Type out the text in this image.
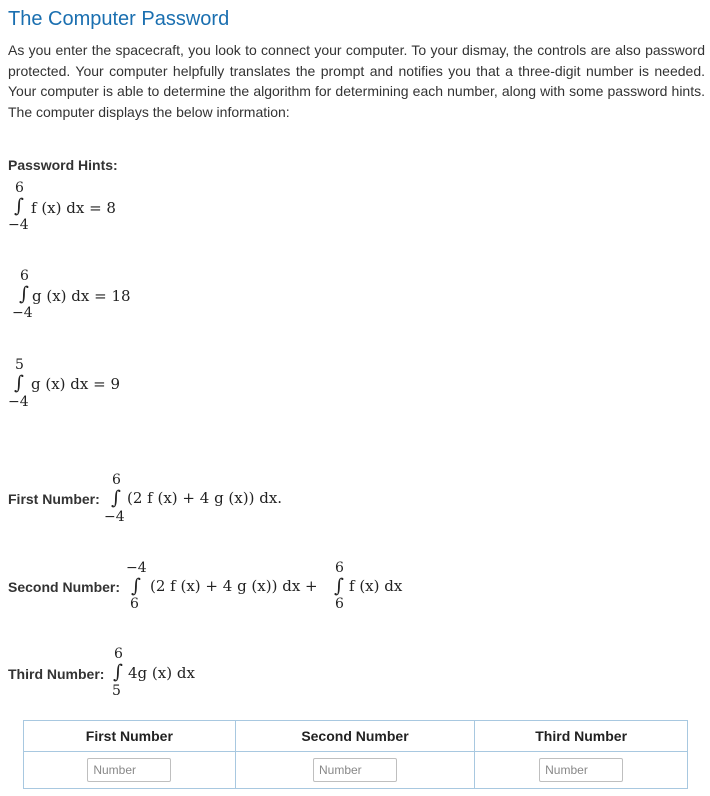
The Computer Password

As you enter the spacecraft, you look to connect your computer. To your dismay, the controls are also password protected. Your computer helpfully translates the prompt and notifies you that a three-digit number is needed. Your computer is able to determine the algorithm for determining each number, along with some password hints. The computer displays the below information:

Password Hints:
6
∫
−4
f (x) dx = 8
6
∫
−4
g (x) dx = 18
5
∫
−4
g (x) dx = 9
First Number:
6
∫
−4
(2 f (x) + 4 g (x)) dx.
Second Number:
−4
∫
6
(2 f (x) + 4 g (x)) dx +
6
∫
6
f (x) dx
Third Number:
6
∫
5
4g (x) dx
First Number	Second Number	Third Number
Number	Number	Number
